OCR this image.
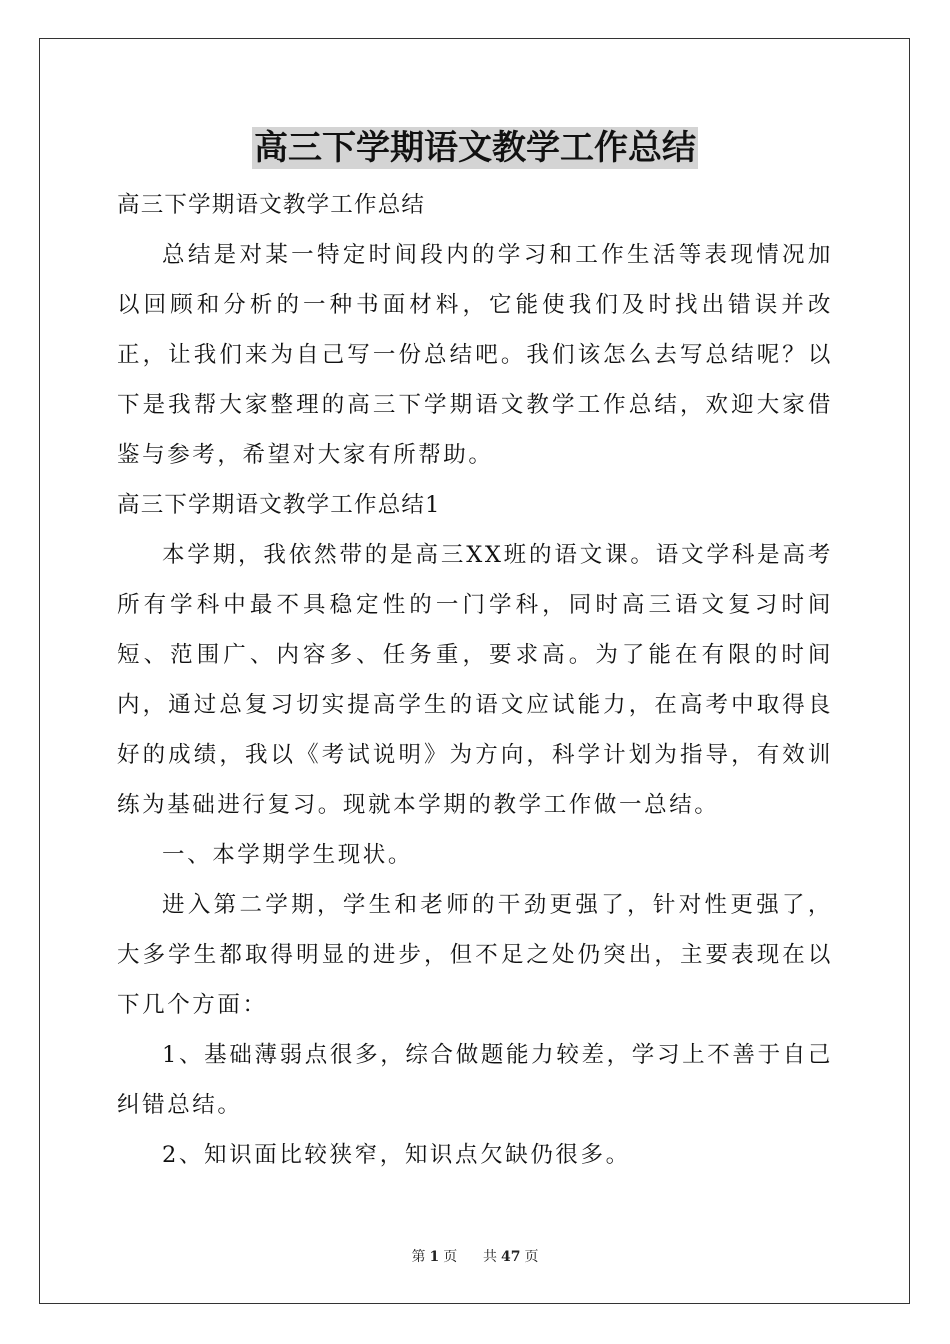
高三下学期语文教学工作总结

高三下学期语文教学工作总结

总结是对某一特定时间段内的学习和工作生活等表现情况加以回顾和分析的一种书面材料，它能使我们及时找出错误并改正，让我们来为自己写一份总结吧。我们该怎么去写总结呢？以下是我帮大家整理的高三下学期语文教学工作总结，欢迎大家借鉴与参考，希望对大家有所帮助。

高三下学期语文教学工作总结1

本学期，我依然带的是高三XX班的语文课。语文学科是高考所有学科中最不具稳定性的一门学科，同时高三语文复习时间短、范围广、内容多、任务重，要求高。为了能在有限的时间内，通过总复习切实提高学生的语文应试能力，在高考中取得良好的成绩，我以《考试说明》为方向，科学计划为指导，有效训练为基础进行复习。现就本学期的教学工作做一总结。

一、本学期学生现状。

进入第二学期，学生和老师的干劲更强了，针对性更强了，大多学生都取得明显的进步，但不足之处仍突出，主要表现在以下几个方面：

1、基础薄弱点很多，综合做题能力较差，学习上不善于自己纠错总结。

2、知识面比较狭窄，知识点欠缺仍很多。

第 1 页 共 47 页
